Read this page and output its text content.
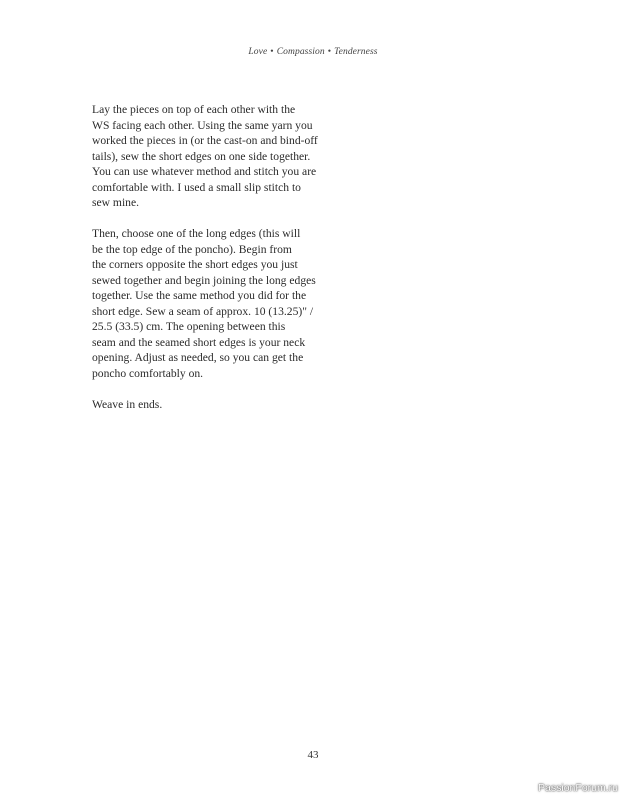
Love • Compassion • Tenderness
Lay the pieces on top of each other with the
WS facing each other. Using the same yarn you
worked the pieces in (or the cast-on and bind-off
tails), sew the short edges on one side together.
You can use whatever method and stitch you are
comfortable with. I used a small slip stitch to
sew mine.
Then, choose one of the long edges (this will
be the top edge of the poncho). Begin from
the corners opposite the short edges you just
sewed together and begin joining the long edges
together. Use the same method you did for the
short edge. Sew a seam of approx. 10 (13.25)" /
25.5 (33.5) cm. The opening between this
seam and the seamed short edges is your neck
opening. Adjust as needed, so you can get the
poncho comfortably on.
Weave in ends.
43
PassionForum.ru
